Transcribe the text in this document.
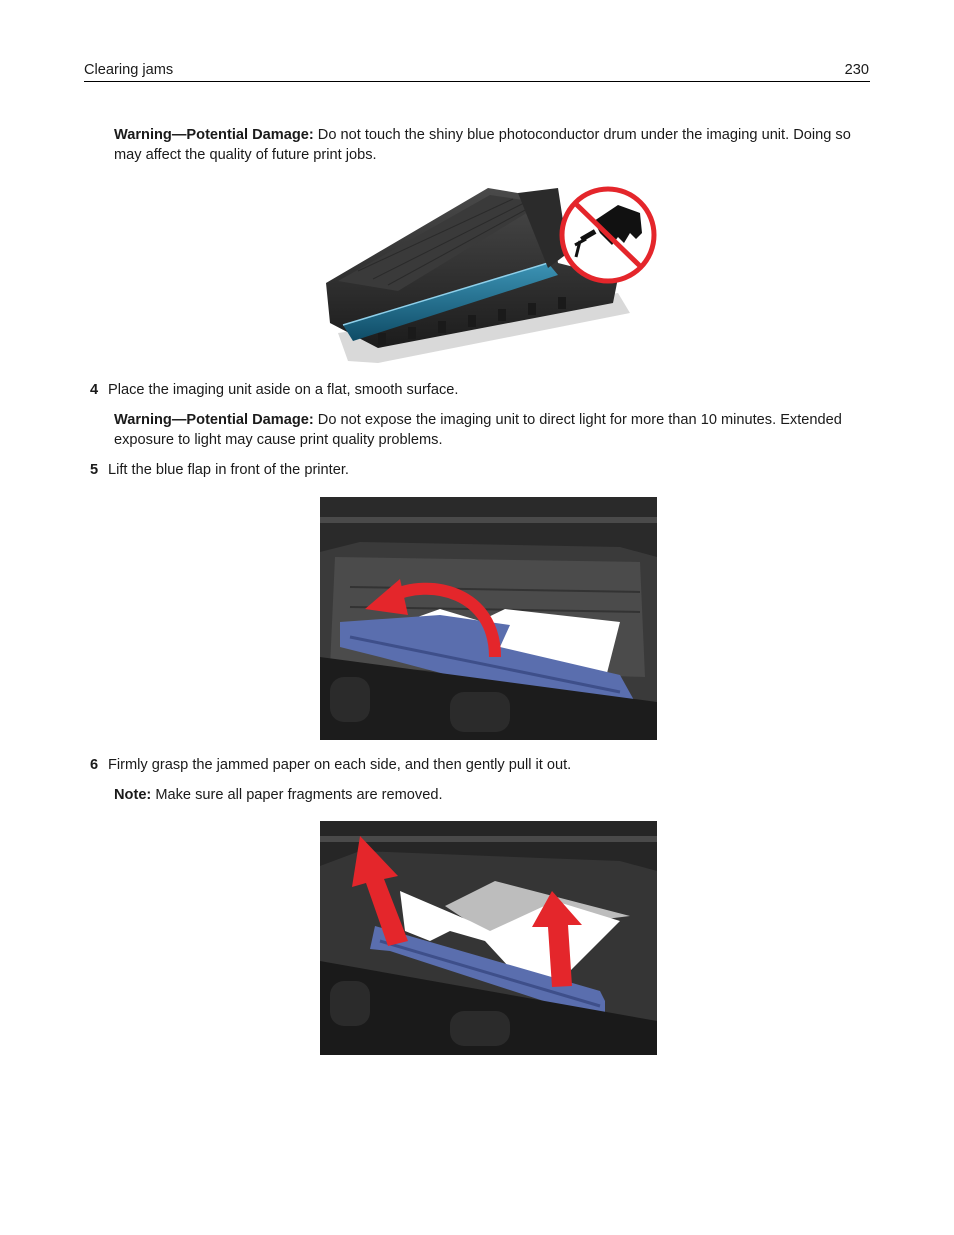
Clearing jams	230
Warning—Potential Damage: Do not touch the shiny blue photoconductor drum under the imaging unit. Doing so may affect the quality of future print jobs.
4 Place the imaging unit aside on a flat, smooth surface.
Warning—Potential Damage: Do not expose the imaging unit to direct light for more than 10 minutes. Extended exposure to light may cause print quality problems.
5 Lift the blue flap in front of the printer.
6 Firmly grasp the jammed paper on each side, and then gently pull it out.
Note: Make sure all paper fragments are removed.
